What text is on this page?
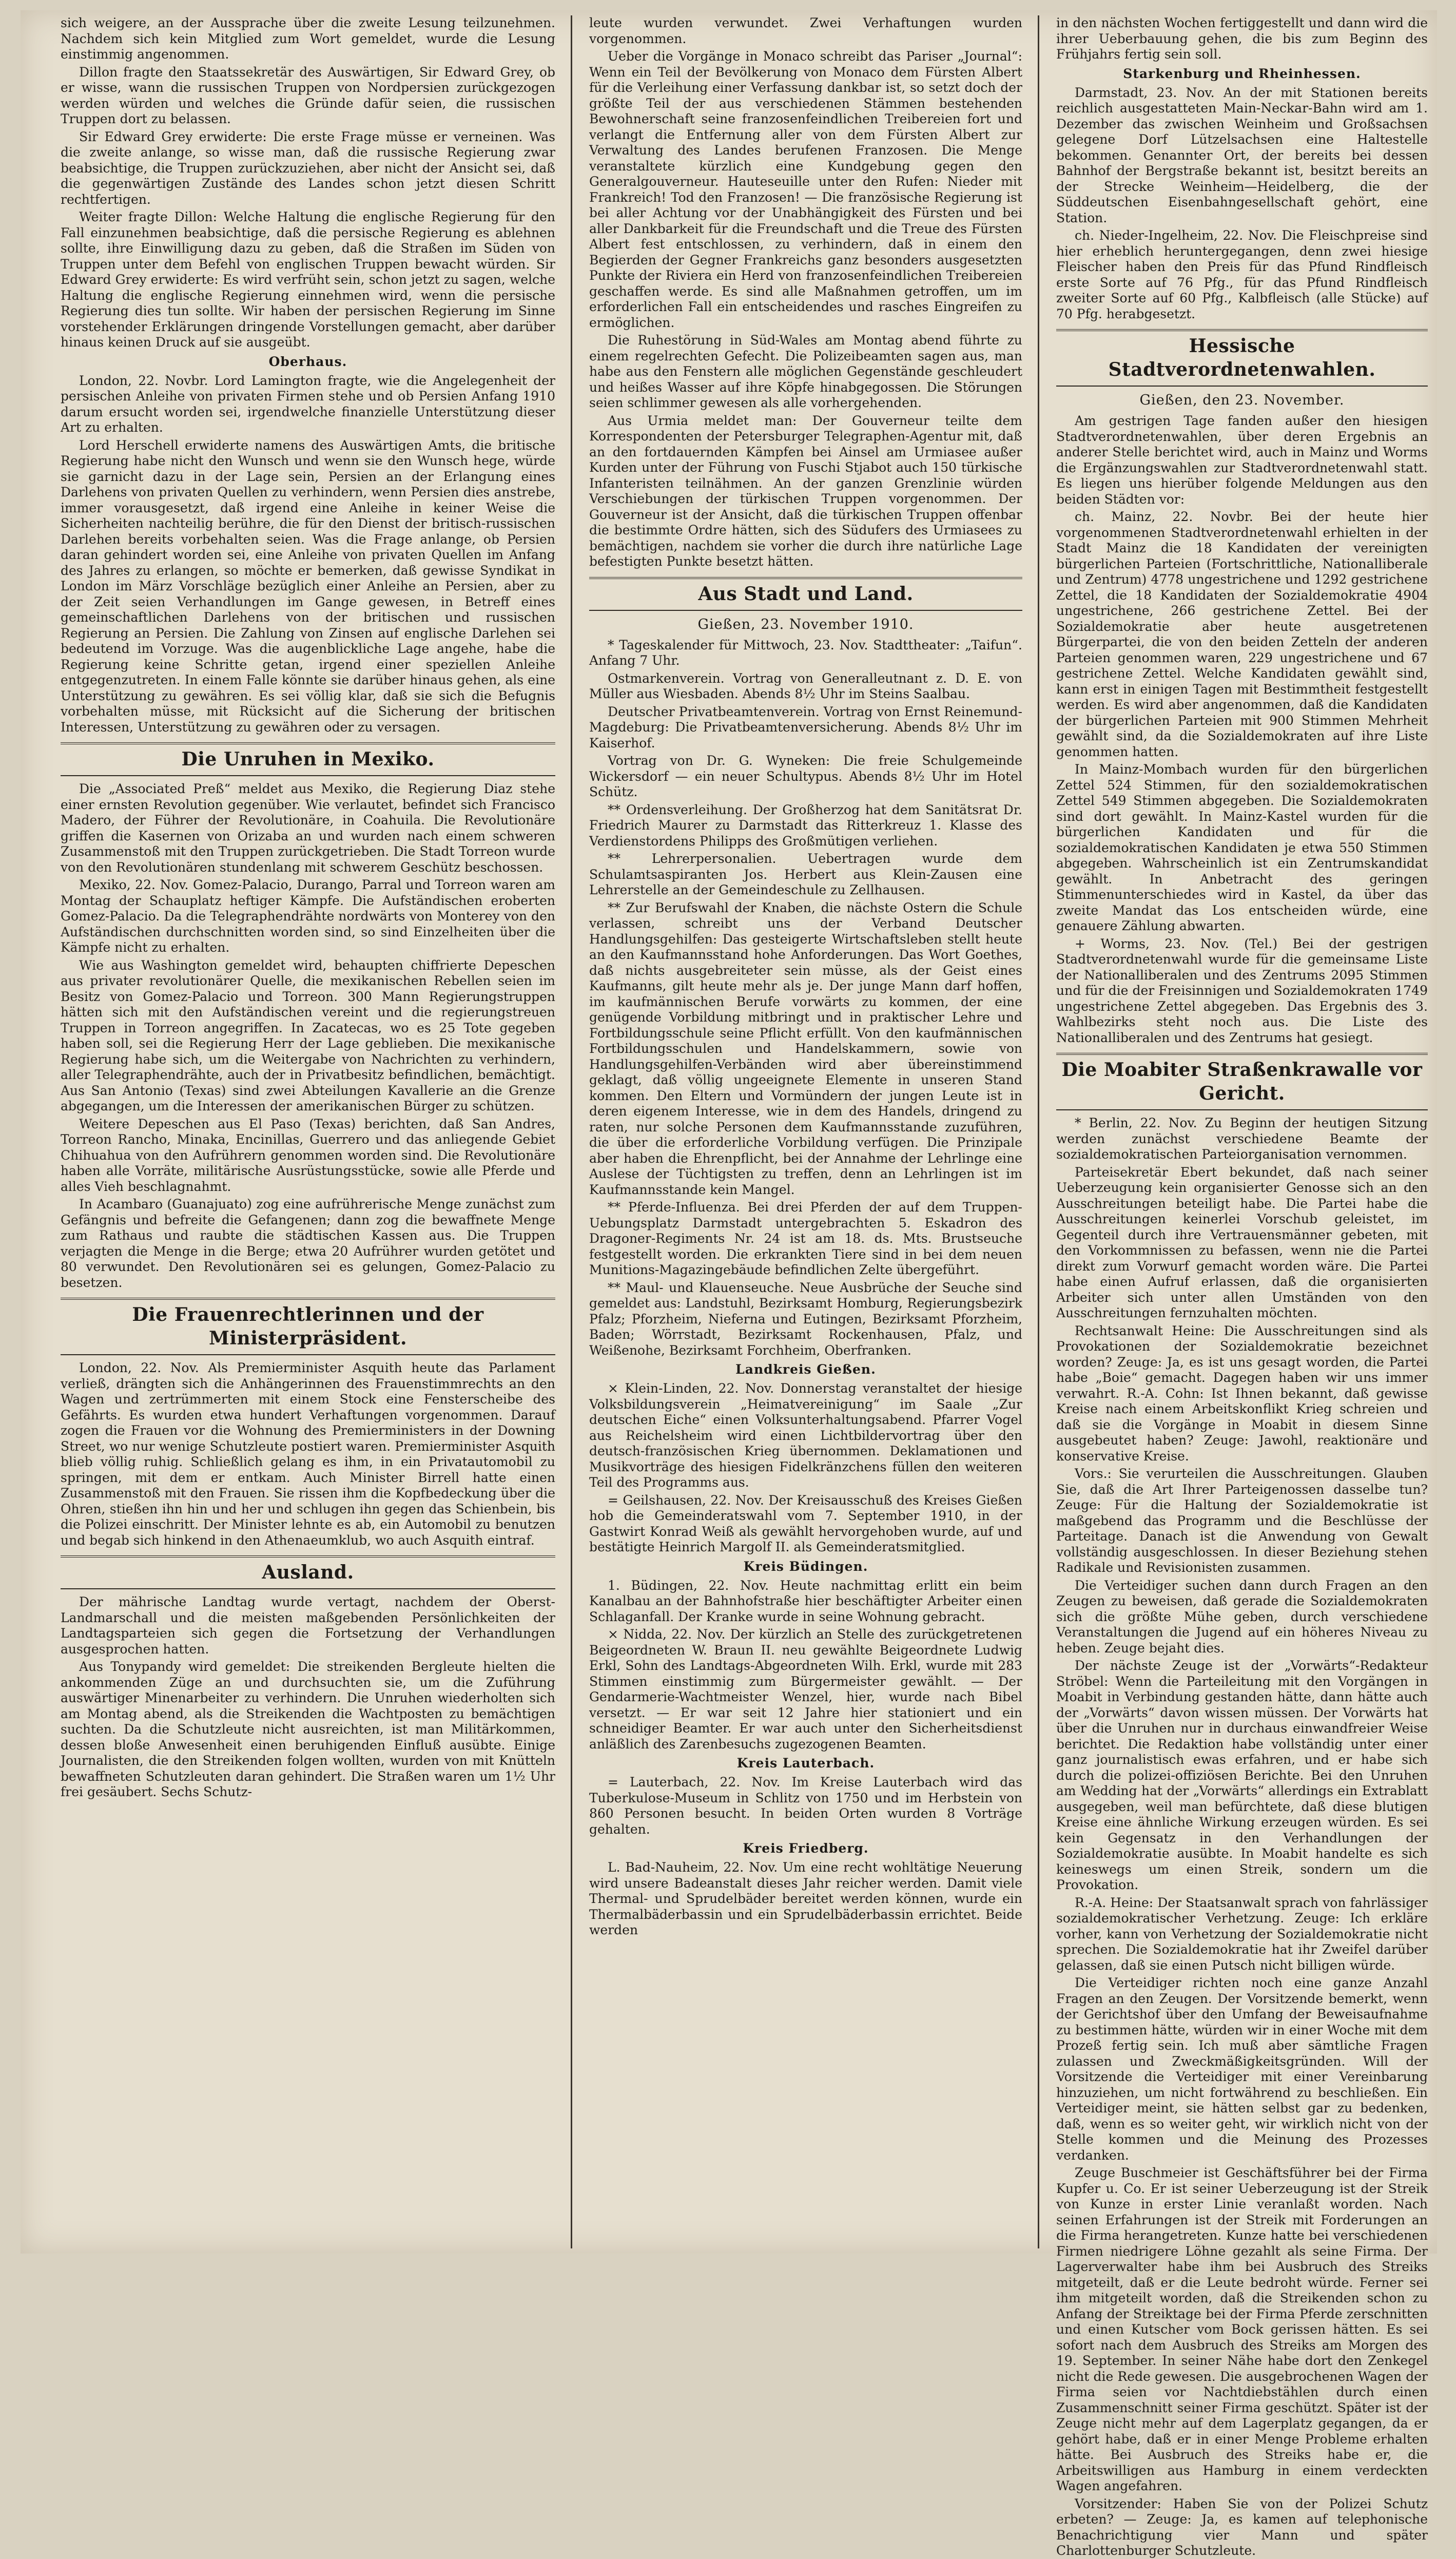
sich weigere, an der Aussprache über die zweite Lesung teilzunehmen. Nachdem sich kein Mitglied zum Wort gemeldet, wurde die Lesung einstimmig angenommen.

Dillon fragte den Staatssekretär des Auswärtigen, Sir Edward Grey, ob er wisse, wann die russischen Truppen von Nordpersien zurückgezogen werden würden und welches die Gründe dafür seien, die russischen Truppen dort zu belassen.

Sir Edward Grey erwiderte: Die erste Frage müsse er verneinen. Was die zweite anlange, so wisse man, daß die russische Regierung zwar beabsichtige, die Truppen zurückzuziehen, aber nicht der Ansicht sei, daß die gegenwärtigen Zustände des Landes schon jetzt diesen Schritt rechtfertigen.

Weiter fragte Dillon: Welche Haltung die englische Regierung für den Fall einzunehmen beabsichtige, daß die persische Regierung es ablehnen sollte, ihre Einwilligung dazu zu geben, daß die Straßen im Süden von Truppen unter dem Befehl von englischen Truppen bewacht würden. Sir Edward Grey erwiderte: Es wird verfrüht sein, schon jetzt zu sagen, welche Haltung die englische Regierung einnehmen wird, wenn die persische Regierung dies tun sollte. Wir haben der persischen Regierung im Sinne vorstehender Erklärungen dringende Vorstellungen gemacht, aber darüber hinaus keinen Druck auf sie ausgeübt.

Oberhaus.

London, 22. Novbr. Lord Lamington fragte, wie die Angelegenheit der persischen Anleihe von privaten Firmen stehe und ob Persien Anfang 1910 darum ersucht worden sei, irgendwelche finanzielle Unterstützung dieser Art zu erhalten.

Lord Herschell erwiderte namens des Auswärtigen Amts, die britische Regierung habe nicht den Wunsch und wenn sie den Wunsch hege, würde sie garnicht dazu in der Lage sein, Persien an der Erlangung eines Darlehens von privaten Quellen zu verhindern, wenn Persien dies anstrebe, immer vorausgesetzt, daß irgend eine Anleihe in keiner Weise die Sicherheiten nachteilig berühre, die für den Dienst der britisch-russischen Darlehen bereits vorbehalten seien. Was die Frage anlange, ob Persien daran gehindert worden sei, eine Anleihe von privaten Quellen im Anfang des Jahres zu erlangen, so möchte er bemerken, daß gewisse Syndikat in London im März Vorschläge bezüglich einer Anleihe an Persien, aber zu der Zeit seien Verhandlungen im Gange gewesen, in Betreff eines gemeinschaftlichen Darlehens von der britischen und russischen Regierung an Persien. Die Zahlung von Zinsen auf englische Darlehen sei bedeutend im Vorzuge. Was die augenblickliche Lage angehe, habe die Regierung keine Schritte getan, irgend einer speziellen Anleihe entgegenzutreten. In einem Falle könnte sie darüber hinaus gehen, als eine Unterstützung zu gewähren. Es sei völlig klar, daß sie sich die Befugnis vorbehalten müsse, mit Rücksicht auf die Sicherung der britischen Interessen, Unterstützung zu gewähren oder zu versagen.

Die Unruhen in Mexiko.

Die „Associated Preß“ meldet aus Mexiko, die Regierung Diaz stehe einer ernsten Revolution gegenüber. Wie verlautet, befindet sich Francisco Madero, der Führer der Revolutionäre, in Coahuila. Die Revolutionäre griffen die Kasernen von Orizaba an und wurden nach einem schweren Zusammenstoß mit den Truppen zurückgetrieben. Die Stadt Torreon wurde von den Revolutionären stundenlang mit schwerem Geschütz beschossen.

Mexiko, 22. Nov. Gomez-Palacio, Durango, Parral und Torreon waren am Montag der Schauplatz heftiger Kämpfe. Die Aufständischen eroberten Gomez-Palacio. Da die Telegraphendrähte nordwärts von Monterey von den Aufständischen durchschnitten worden sind, so sind Einzelheiten über die Kämpfe nicht zu erhalten.

Wie aus Washington gemeldet wird, behaupten chiffrierte Depeschen aus privater revolutionärer Quelle, die mexikanischen Rebellen seien im Besitz von Gomez-Palacio und Torreon. 300 Mann Regierungstruppen hätten sich mit den Aufständischen vereint und die regierungstreuen Truppen in Torreon angegriffen. In Zacatecas, wo es 25 Tote gegeben haben soll, sei die Regierung Herr der Lage geblieben. Die mexikanische Regierung habe sich, um die Weitergabe von Nachrichten zu verhindern, aller Telegraphendrähte, auch der in Privatbesitz befindlichen, bemächtigt. Aus San Antonio (Texas) sind zwei Abteilungen Kavallerie an die Grenze abgegangen, um die Interessen der amerikanischen Bürger zu schützen.

Weitere Depeschen aus El Paso (Texas) berichten, daß San Andres, Torreon Rancho, Minaka, Encinillas, Guerrero und das anliegende Gebiet Chihuahua von den Aufrührern genommen worden sind. Die Revolutionäre haben alle Vorräte, militärische Ausrüstungsstücke, sowie alle Pferde und alles Vieh beschlagnahmt.

In Acambaro (Guanajuato) zog eine aufrührerische Menge zunächst zum Gefängnis und befreite die Gefangenen; dann zog die bewaffnete Menge zum Rathaus und raubte die städtischen Kassen aus. Die Truppen verjagten die Menge in die Berge; etwa 20 Aufrührer wurden getötet und 80 verwundet. Den Revolutionären sei es gelungen, Gomez-Palacio zu besetzen.

Die Frauenrechtlerinnen und der Ministerpräsident.

London, 22. Nov. Als Premierminister Asquith heute das Parlament verließ, drängten sich die Anhängerinnen des Frauenstimmrechts an den Wagen und zertrümmerten mit einem Stock eine Fensterscheibe des Gefährts. Es wurden etwa hundert Verhaftungen vorgenommen. Darauf zogen die Frauen vor die Wohnung des Premierministers in der Downing Street, wo nur wenige Schutzleute postiert waren. Premierminister Asquith blieb völlig ruhig. Schließlich gelang es ihm, in ein Privatautomobil zu springen, mit dem er entkam. Auch Minister Birrell hatte einen Zusammenstoß mit den Frauen. Sie rissen ihm die Kopfbedeckung über die Ohren, stießen ihn hin und her und schlugen ihn gegen das Schienbein, bis die Polizei einschritt. Der Minister lehnte es ab, ein Automobil zu benutzen und begab sich hinkend in den Athenaeumklub, wo auch Asquith eintraf.

Ausland.

Der mährische Landtag wurde vertagt, nachdem der Oberst-Landmarschall und die meisten maßgebenden Persönlichkeiten der Landtagsparteien sich gegen die Fortsetzung der Verhandlungen ausgesprochen hatten.

Aus Tonypandy wird gemeldet: Die streikenden Bergleute hielten die ankommenden Züge an und durchsuchten sie, um die Zuführung auswärtiger Minenarbeiter zu verhindern. Die Unruhen wiederholten sich am Montag abend, als die Streikenden die Wachtposten zu bemächtigen suchten. Da die Schutzleute nicht ausreichten, ist man Militärkommen, dessen bloße Anwesenheit einen beruhigenden Einfluß ausübte. Einige Journalisten, die den Streikenden folgen wollten, wurden von mit Knütteln bewaffneten Schutzleuten daran gehindert. Die Straßen waren um 1½ Uhr frei gesäubert. Sechs Schutz-

leute wurden verwundet. Zwei Verhaftungen wurden vorgenommen.

Ueber die Vorgänge in Monaco schreibt das Pariser „Journal“: Wenn ein Teil der Bevölkerung von Monaco dem Fürsten Albert für die Verleihung einer Verfassung dankbar ist, so setzt doch der größte Teil der aus verschiedenen Stämmen bestehenden Bewohnerschaft seine franzosenfeindlichen Treibereien fort und verlangt die Entfernung aller von dem Fürsten Albert zur Verwaltung des Landes berufenen Franzosen. Die Menge veranstaltete kürzlich eine Kundgebung gegen den Generalgouverneur. Hauteseuille unter den Rufen: Nieder mit Frankreich! Tod den Franzosen! — Die französische Regierung ist bei aller Achtung vor der Unabhängigkeit des Fürsten und bei aller Dankbarkeit für die Freundschaft und die Treue des Fürsten Albert fest entschlossen, zu verhindern, daß in einem den Begierden der Gegner Frankreichs ganz besonders ausgesetzten Punkte der Riviera ein Herd von franzosenfeindlichen Treibereien geschaffen werde. Es sind alle Maßnahmen getroffen, um im erforderlichen Fall ein entscheidendes und rasches Eingreifen zu ermöglichen.

Die Ruhestörung in Süd-Wales am Montag abend führte zu einem regelrechten Gefecht. Die Polizeibeamten sagen aus, man habe aus den Fenstern alle möglichen Gegenstände geschleudert und heißes Wasser auf ihre Köpfe hinabgegossen. Die Störungen seien schlimmer gewesen als alle vorhergehenden.

Aus Urmia meldet man: Der Gouverneur teilte dem Korrespondenten der Petersburger Telegraphen-Agentur mit, daß an den fortdauernden Kämpfen bei Ainsel am Urmiasee außer Kurden unter der Führung von Fuschi Stjabot auch 150 türkische Infanteristen teilnähmen. An der ganzen Grenzlinie würden Verschiebungen der türkischen Truppen vorgenommen. Der Gouverneur ist der Ansicht, daß die türkischen Truppen offenbar die bestimmte Ordre hätten, sich des Südufers des Urmiasees zu bemächtigen, nachdem sie vorher die durch ihre natürliche Lage befestigten Punkte besetzt hätten.

Aus Stadt und Land.
Gießen, 23. November 1910.

* Tageskalender für Mittwoch, 23. Nov. Stadttheater: „Taifun“. Anfang 7 Uhr.

Ostmarkenverein. Vortrag von Generalleutnant z. D. E. von Müller aus Wiesbaden. Abends 8½ Uhr im Steins Saalbau.

Deutscher Privatbeamtenverein. Vortrag von Ernst Reinemund-Magdeburg: Die Privatbeamtenversicherung. Abends 8½ Uhr im Kaiserhof.

Vortrag von Dr. G. Wyneken: Die freie Schulgemeinde Wickersdorf — ein neuer Schultypus. Abends 8½ Uhr im Hotel Schütz.

** Ordensverleihung. Der Großherzog hat dem Sanitätsrat Dr. Friedrich Maurer zu Darmstadt das Ritterkreuz 1. Klasse des Verdienstordens Philipps des Großmütigen verliehen.

** Lehrerpersonalien. Uebertragen wurde dem Schulamtsaspiranten Jos. Herbert aus Klein-Zausen eine Lehrerstelle an der Gemeindeschule zu Zellhausen.

** Zur Berufswahl der Knaben, die nächste Ostern die Schule verlassen, schreibt uns der Verband Deutscher Handlungsgehilfen: Das gesteigerte Wirtschaftsleben stellt heute an den Kaufmannsstand hohe Anforderungen. Das Wort Goethes, daß nichts ausgebreiteter sein müsse, als der Geist eines Kaufmanns, gilt heute mehr als je. Der junge Mann darf hoffen, im kaufmännischen Berufe vorwärts zu kommen, der eine genügende Vorbildung mitbringt und in praktischer Lehre und Fortbildungsschule seine Pflicht erfüllt. Von den kaufmännischen Fortbildungsschulen und Handelskammern, sowie von Handlungsgehilfen-Verbänden wird aber übereinstimmend geklagt, daß völlig ungeeignete Elemente in unseren Stand kommen. Den Eltern und Vormündern der jungen Leute ist in deren eigenem Interesse, wie in dem des Handels, dringend zu raten, nur solche Personen dem Kaufmannsstande zuzuführen, die über die erforderliche Vorbildung verfügen. Die Prinzipale aber haben die Ehrenpflicht, bei der Annahme der Lehrlinge eine Auslese der Tüchtigsten zu treffen, denn an Lehrlingen ist im Kaufmannsstande kein Mangel.

** Pferde-Influenza. Bei drei Pferden der auf dem Truppen-Uebungsplatz Darmstadt untergebrachten 5. Eskadron des Dragoner-Regiments Nr. 24 ist am 18. ds. Mts. Brustseuche festgestellt worden. Die erkrankten Tiere sind in bei dem neuen Munitions-Magazingebäude befindlichen Zelte übergeführt.

** Maul- und Klauenseuche. Neue Ausbrüche der Seuche sind gemeldet aus: Landstuhl, Bezirksamt Homburg, Regierungsbezirk Pfalz; Pforzheim, Nieferna und Eutingen, Bezirksamt Pforzheim, Baden; Wörrstadt, Bezirksamt Rockenhausen, Pfalz, und Weißenohe, Bezirksamt Forchheim, Oberfranken.

Landkreis Gießen.

× Klein-Linden, 22. Nov. Donnerstag veranstaltet der hiesige Volksbildungsverein „Heimatvereinigung“ im Saale „Zur deutschen Eiche“ einen Volksunterhaltungsabend. Pfarrer Vogel aus Reichelsheim wird einen Lichtbildervortrag über den deutsch-französischen Krieg übernommen. Deklamationen und Musikvorträge des hiesigen Fidelkränzchens füllen den weiteren Teil des Programms aus.

= Geilshausen, 22. Nov. Der Kreisausschuß des Kreises Gießen hob die Gemeinderatswahl vom 7. September 1910, in der Gastwirt Konrad Weiß als gewählt hervorgehoben wurde, auf und bestätigte Heinrich Margolf II. als Gemeinderatsmitglied.

Kreis Büdingen.

1. Büdingen, 22. Nov. Heute nachmittag erlitt ein beim Kanalbau an der Bahnhofstraße hier beschäftigter Arbeiter einen Schlaganfall. Der Kranke wurde in seine Wohnung gebracht.

× Nidda, 22. Nov. Der kürzlich an Stelle des zurückgetretenen Beigeordneten W. Braun II. neu gewählte Beigeordnete Ludwig Erkl, Sohn des Landtags-Abgeordneten Wilh. Erkl, wurde mit 283 Stimmen einstimmig zum Bürgermeister gewählt. — Der Gendarmerie-Wachtmeister Wenzel, hier, wurde nach Bibel versetzt. — Er war seit 12 Jahre hier stationiert und ein schneidiger Beamter. Er war auch unter den Sicherheitsdienst anläßlich des Zarenbesuchs zugezogenen Beamten.

Kreis Lauterbach.

= Lauterbach, 22. Nov. Im Kreise Lauterbach wird das Tuberkulose-Museum in Schlitz von 1750 und im Herbstein von 860 Personen besucht. In beiden Orten wurden 8 Vorträge gehalten.

Kreis Friedberg.

L. Bad-Nauheim, 22. Nov. Um eine recht wohltätige Neuerung wird unsere Badeanstalt dieses Jahr reicher werden. Damit viele Thermal- und Sprudelbäder bereitet werden können, wurde ein Thermalbäderbassin und ein Sprudelbäderbassin errichtet. Beide werden

in den nächsten Wochen fertiggestellt und dann wird die ihrer Ueberbauung gehen, die bis zum Beginn des Frühjahrs fertig sein soll.

Starkenburg und Rheinhessen.

Darmstadt, 23. Nov. An der mit Stationen bereits reichlich ausgestatteten Main-Neckar-Bahn wird am 1. Dezember das zwischen Weinheim und Großsachsen gelegene Dorf Lützelsachsen eine Haltestelle bekommen. Genannter Ort, der bereits bei dessen Bahnhof der Bergstraße bekannt ist, besitzt bereits an der Strecke Weinheim—Heidelberg, die der Süddeutschen Eisenbahngesellschaft gehört, eine Station.

ch. Nieder-Ingelheim, 22. Nov. Die Fleischpreise sind hier erheblich heruntergegangen, denn zwei hiesige Fleischer haben den Preis für das Pfund Rindfleisch erste Sorte auf 76 Pfg., für das Pfund Rindfleisch zweiter Sorte auf 60 Pfg., Kalbfleisch (alle Stücke) auf 70 Pfg. herabgesetzt.

Hessische Stadtverordnetenwahlen.
Gießen, den 23. November.

Am gestrigen Tage fanden außer den hiesigen Stadtverordnetenwahlen, über deren Ergebnis an anderer Stelle berichtet wird, auch in Mainz und Worms die Ergänzungswahlen zur Stadtverordnetenwahl statt. Es liegen uns hierüber folgende Meldungen aus den beiden Städten vor:

ch. Mainz, 22. Novbr. Bei der heute hier vorgenommenen Stadtverordnetenwahl erhielten in der Stadt Mainz die 18 Kandidaten der vereinigten bürgerlichen Parteien (Fortschrittliche, Nationalliberale und Zentrum) 4778 ungestrichene und 1292 gestrichene Zettel, die 18 Kandidaten der Sozialdemokratie 4904 ungestrichene, 266 gestrichene Zettel. Bei der Sozialdemokratie aber heute ausgetretenen Bürgerpartei, die von den beiden Zetteln der anderen Parteien genommen waren, 229 ungestrichene und 67 gestrichene Zettel. Welche Kandidaten gewählt sind, kann erst in einigen Tagen mit Bestimmtheit festgestellt werden. Es wird aber angenommen, daß die Kandidaten der bürgerlichen Parteien mit 900 Stimmen Mehrheit gewählt sind, da die Sozialdemokraten auf ihre Liste genommen hatten.

In Mainz-Mombach wurden für den bürgerlichen Zettel 524 Stimmen, für den sozialdemokratischen Zettel 549 Stimmen abgegeben. Die Sozialdemokraten sind dort gewählt. In Mainz-Kastel wurden für die bürgerlichen Kandidaten und für die sozialdemokratischen Kandidaten je etwa 550 Stimmen abgegeben. Wahrscheinlich ist ein Zentrumskandidat gewählt. In Anbetracht des geringen Stimmenunterschiedes wird in Kastel, da über das zweite Mandat das Los entscheiden würde, eine genauere Zählung abwarten.

+ Worms, 23. Nov. (Tel.) Bei der gestrigen Stadtverordnetenwahl wurde für die gemeinsame Liste der Nationalliberalen und des Zentrums 2095 Stimmen und für die der Freisinnigen und Sozialdemokraten 1749 ungestrichene Zettel abgegeben. Das Ergebnis des 3. Wahlbezirks steht noch aus. Die Liste des Nationalliberalen und des Zentrums hat gesiegt.

Die Moabiter Straßenkrawalle vor Gericht.

* Berlin, 22. Nov. Zu Beginn der heutigen Sitzung werden zunächst verschiedene Beamte der sozialdemokratischen Parteiorganisation vernommen.

Parteisekretär Ebert bekundet, daß nach seiner Ueberzeugung kein organisierter Genosse sich an den Ausschreitungen beteiligt habe. Die Partei habe die Ausschreitungen keinerlei Vorschub geleistet, im Gegenteil durch ihre Vertrauensmänner gebeten, mit den Vorkommnissen zu befassen, wenn nie die Partei direkt zum Vorwurf gemacht worden wäre. Die Partei habe einen Aufruf erlassen, daß die organisierten Arbeiter sich unter allen Umständen von den Ausschreitungen fernzuhalten möchten.

Rechtsanwalt Heine: Die Ausschreitungen sind als Provokationen der Sozialdemokratie bezeichnet worden? Zeuge: Ja, es ist uns gesagt worden, die Partei habe „Boie“ gemacht. Dagegen haben wir uns immer verwahrt. R.-A. Cohn: Ist Ihnen bekannt, daß gewisse Kreise nach einem Arbeitskonflikt Krieg schreien und daß sie die Vorgänge in Moabit in diesem Sinne ausgebeutet haben? Zeuge: Jawohl, reaktionäre und konservative Kreise.

Vors.: Sie verurteilen die Ausschreitungen. Glauben Sie, daß die Art Ihrer Parteigenossen dasselbe tun? Zeuge: Für die Haltung der Sozialdemokratie ist maßgebend das Programm und die Beschlüsse der Parteitage. Danach ist die Anwendung von Gewalt vollständig ausgeschlossen. In dieser Beziehung stehen Radikale und Revisionisten zusammen.

Die Verteidiger suchen dann durch Fragen an den Zeugen zu beweisen, daß gerade die Sozialdemokraten sich die größte Mühe geben, durch verschiedene Veranstaltungen die Jugend auf ein höheres Niveau zu heben. Zeuge bejaht dies.

Der nächste Zeuge ist der „Vorwärts“-Redakteur Ströbel: Wenn die Parteileitung mit den Vorgängen in Moabit in Verbindung gestanden hätte, dann hätte auch der „Vorwärts“ davon wissen müssen. Der Vorwärts hat über die Unruhen nur in durchaus einwandfreier Weise berichtet. Die Redaktion habe vollständig unter einer ganz journalistisch ewas erfahren, und er habe sich durch die polizei-offiziösen Berichte. Bei den Unruhen am Wedding hat der „Vorwärts“ allerdings ein Extrablatt ausgegeben, weil man befürchtete, daß diese blutigen Kreise eine ähnliche Wirkung erzeugen würden. Es sei kein Gegensatz in den Verhandlungen der Sozialdemokratie ausübte. In Moabit handelte es sich keineswegs um einen Streik, sondern um die Provokation.

R.-A. Heine: Der Staatsanwalt sprach von fahrlässiger sozialdemokratischer Verhetzung. Zeuge: Ich erkläre vorher, kann von Verhetzung der Sozialdemokratie nicht sprechen. Die Sozialdemokratie hat ihr Zweifel darüber gelassen, daß sie einen Putsch nicht billigen würde.

Die Verteidiger richten noch eine ganze Anzahl Fragen an den Zeugen. Der Vorsitzende bemerkt, wenn der Gerichtshof über den Umfang der Beweisaufnahme zu bestimmen hätte, würden wir in einer Woche mit dem Prozeß fertig sein. Ich muß aber sämtliche Fragen zulassen und Zweckmäßigkeitsgründen. Will der Vorsitzende die Verteidiger mit einer Vereinbarung hinzuziehen, um nicht fortwährend zu beschließen. Ein Verteidiger meint, sie hätten selbst gar zu bedenken, daß, wenn es so weiter geht, wir wirklich nicht von der Stelle kommen und die Meinung des Prozesses verdanken.

Zeuge Buschmeier ist Geschäftsführer bei der Firma Kupfer u. Co. Er ist seiner Ueberzeugung ist der Streik von Kunze in erster Linie veranlaßt worden. Nach seinen Erfahrungen ist der Streik mit Forderungen an die Firma herangetreten. Kunze hatte bei verschiedenen Firmen niedrigere Löhne gezahlt als seine Firma. Der Lagerverwalter habe ihm bei Ausbruch des Streiks mitgeteilt, daß er die Leute bedroht würde. Ferner sei ihm mitgeteilt worden, daß die Streikenden schon zu Anfang der Streiktage bei der Firma Pferde zerschnitten und einen Kutscher vom Bock gerissen hätten. Es sei sofort nach dem Ausbruch des Streiks am Morgen des 19. September. In seiner Nähe habe dort den Zenkegel nicht die Rede gewesen. Die ausgebrochenen Wagen der Firma seien vor Nachtdiebstählen durch einen Zusammenschnitt seiner Firma geschützt. Später ist der Zeuge nicht mehr auf dem Lagerplatz gegangen, da er gehört habe, daß er in einer Menge Probleme erhalten hätte. Bei Ausbruch des Streiks habe er, die Arbeitswilligen aus Hamburg in einem verdeckten Wagen angefahren.

Vorsitzender: Haben Sie von der Polizei Schutz erbeten? — Zeuge: Ja, es kamen auf telephonische Benachrichtigung vier Mann und später Charlottenburger Schutzleute.
